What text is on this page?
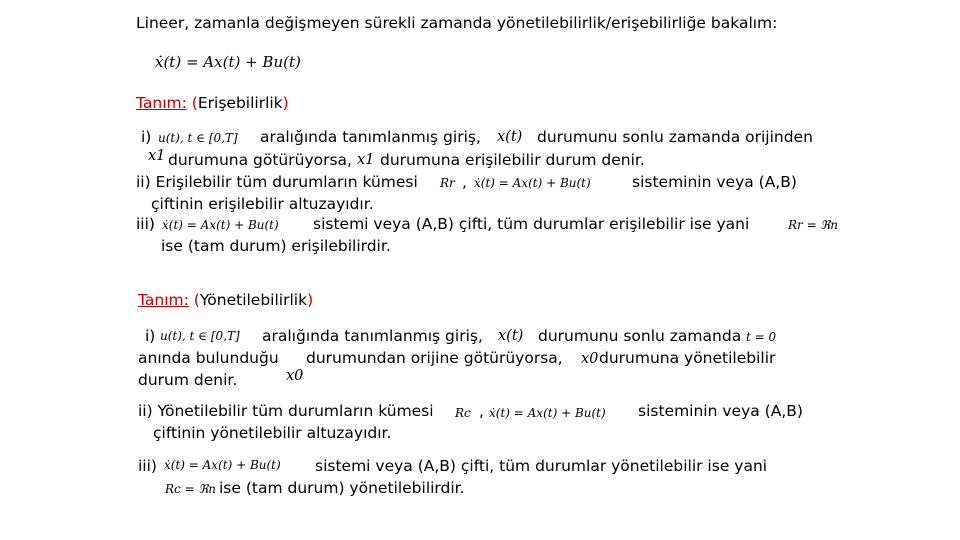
Lineer, zamanla değişmeyen sürekli zamanda yönetilebilirlik/erişebilirliğe bakalım:
ẋ(t) = Ax(t) + Bu(t)
Tanım: (Erişebilirlik)
i) u(t), t ∈ [0,T] aralığında tanımlanmış giriş, x(t) durumunu sonlu zamanda orijinden
x1 durumuna götürüyorsa, x1 durumuna erişilebilir durum denir.
ii) Erişilebilir tüm durumların kümesi Rr , ẋ(t) = Ax(t) + Bu(t)	sisteminin veya (A,B)
çiftinin erişilebilir altuzayıdır.
iii) ẋ(t) = Ax(t) + Bu(t) sistemi veya (A,B) çifti, tüm durumlar erişilebilir ise yani	Rr = ℜn
ise (tam durum) erişilebilirdir.
Tanım: (Yönetilebilirlik)
i) u(t), t ∈ [0,T] aralığında tanımlanmış giriş, x(t) durumunu sonlu zamanda t = 0
anında bulunduğu durumundan orijine götürüyorsa, x0 durumuna yönetilebilir
durum denir.	x0
ii) Yönetilebilir tüm durumların kümesi Rc , ẋ(t) = Ax(t) + Bu(t) sisteminin veya (A,B)
çiftinin yönetilebilir altuzayıdır.
iii) ẋ(t) = Ax(t) + Bu(t) sistemi veya (A,B) çifti, tüm durumlar yönetilebilir ise yani
Rc = ℜn ise (tam durum) yönetilebilirdir.
